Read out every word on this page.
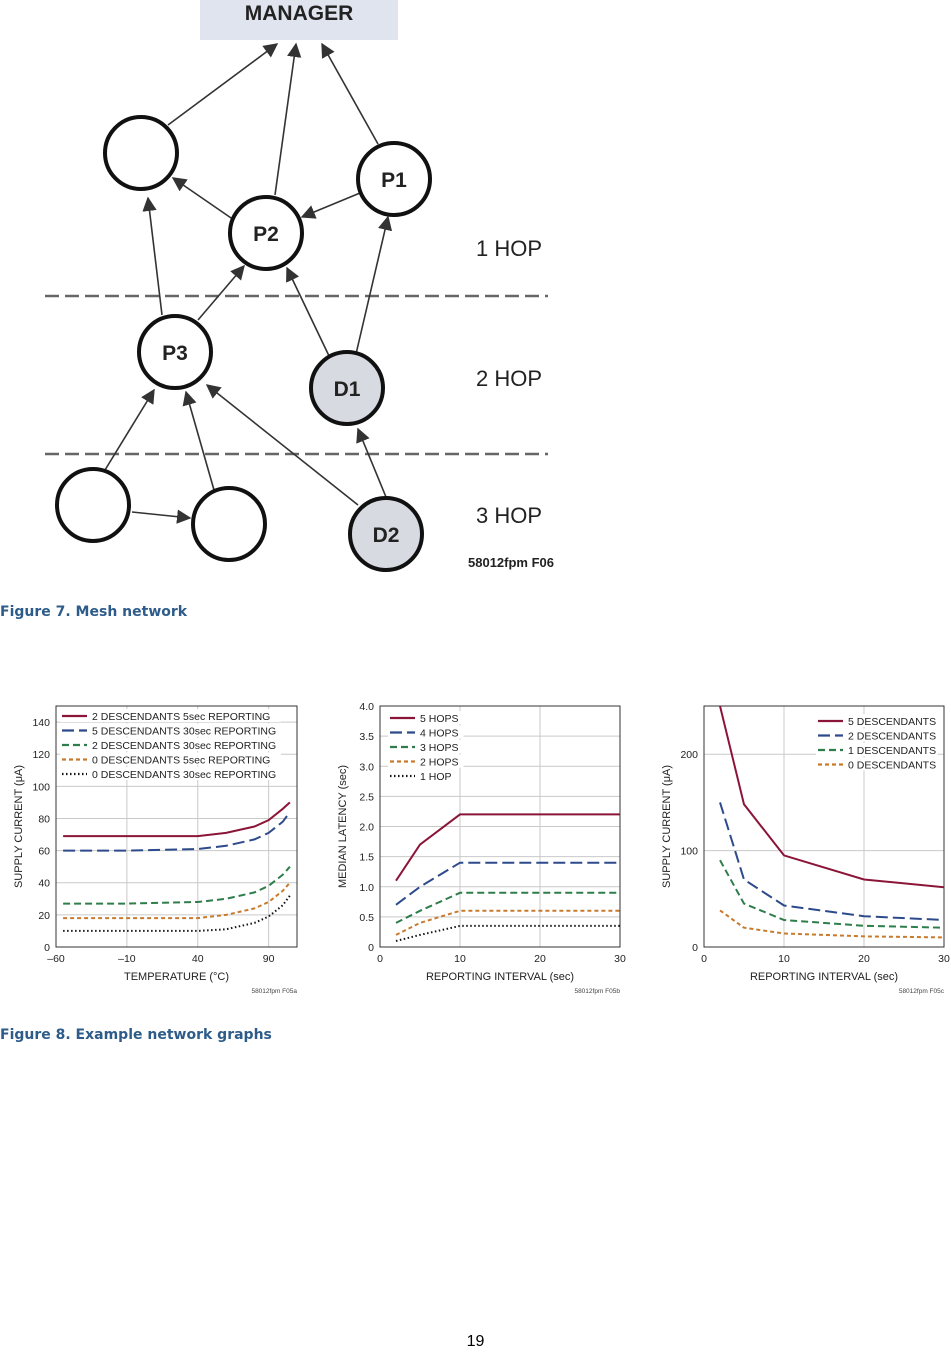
MANAGER
P1
P2
P3
D1
D2
1 HOP
2 HOP
3 HOP
58012fpm F06
Figure 7. Mesh network
0
20
40
60
80
100
120
140
–60	–10	40	90
TEMPERATURE (°C)
SUPPLY CURRENT (μA)
58012fpm F05a
2 DESCENDANTS 5sec REPORTING
5 DESCENDANTS 30sec REPORTING
2 DESCENDANTS 30sec REPORTING
0 DESCENDANTS 5sec REPORTING
0 DESCENDANTS 30sec REPORTING
0
0.5
1.0
1.5
2.0
2.5
3.0
3.5
4.0
0	10	20	30
REPORTING INTERVAL (sec)
MEDIAN LATENCY (sec)
58012fpm F05b
5 HOPS
4 HOPS
3 HOPS
2 HOPS
1 HOP
0
100
200
0	10	20	30
REPORTING INTERVAL (sec)
SUPPLY CURRENT (μA)
58012fpm F05c
5 DESCENDANTS
2 DESCENDANTS
1 DESCENDANTS
0 DESCENDANTS
Figure 8. Example network graphs
19
